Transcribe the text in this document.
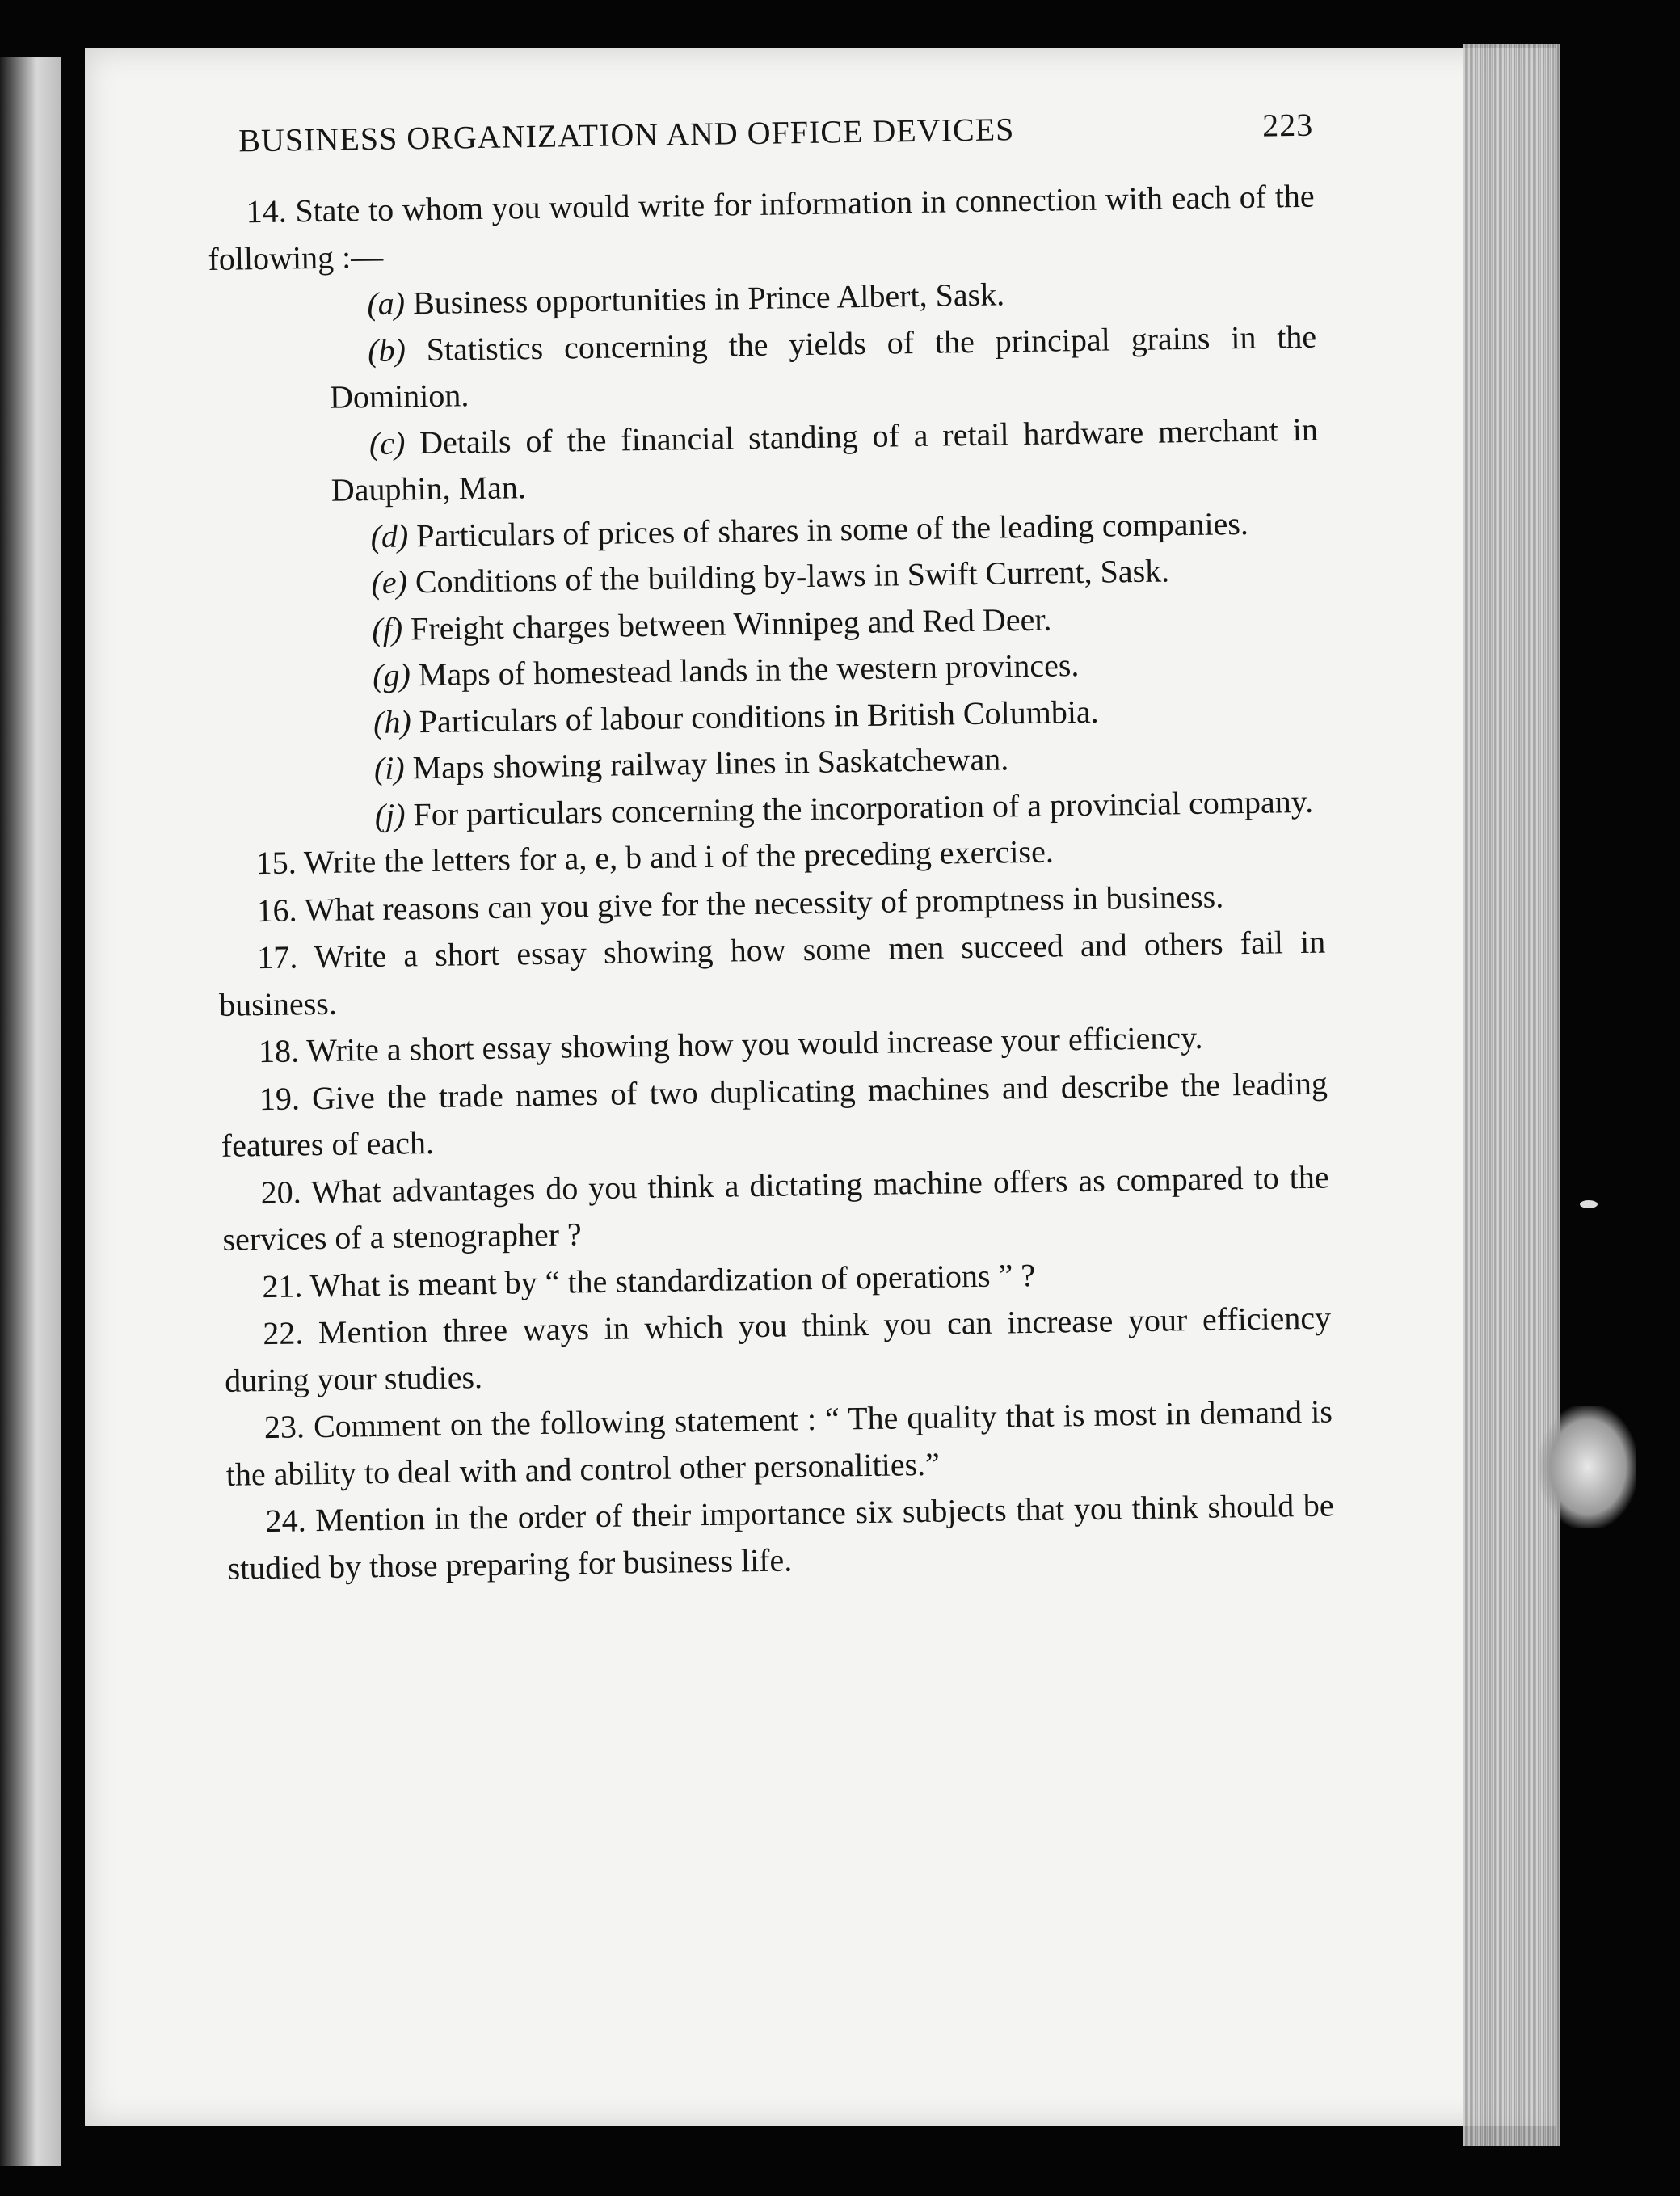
BUSINESS ORGANIZATION AND OFFICE DEVICES	223

14. State to whom you would write for information in connection with each of the following :—

(a) Business opportunities in Prince Albert, Sask.

(b) Statistics concerning the yields of the principal grains in the Dominion.

(c) Details of the financial standing of a retail hardware merchant in Dauphin, Man.

(d) Particulars of prices of shares in some of the leading companies.

(e) Conditions of the building by-laws in Swift Current, Sask.

(f) Freight charges between Winnipeg and Red Deer.

(g) Maps of homestead lands in the western provinces.

(h) Particulars of labour conditions in British Columbia.

(i) Maps showing railway lines in Saskatchewan.

(j) For particulars concerning the incorporation of a provincial company.

15. Write the letters for a, e, b and i of the preceding exercise.

16. What reasons can you give for the necessity of promptness in business.

17. Write a short essay showing how some men succeed and others fail in business.

18. Write a short essay showing how you would increase your efficiency.

19. Give the trade names of two duplicating machines and describe the leading features of each.

20. What advantages do you think a dictating machine offers as compared to the services of a stenographer ?

21. What is meant by “ the standardization of operations ” ?

22. Mention three ways in which you think you can increase your efficiency during your studies.

23. Comment on the following statement : “ The quality that is most in demand is the ability to deal with and control other personalities.”

24. Mention in the order of their importance six subjects that you think should be studied by those preparing for business life.
